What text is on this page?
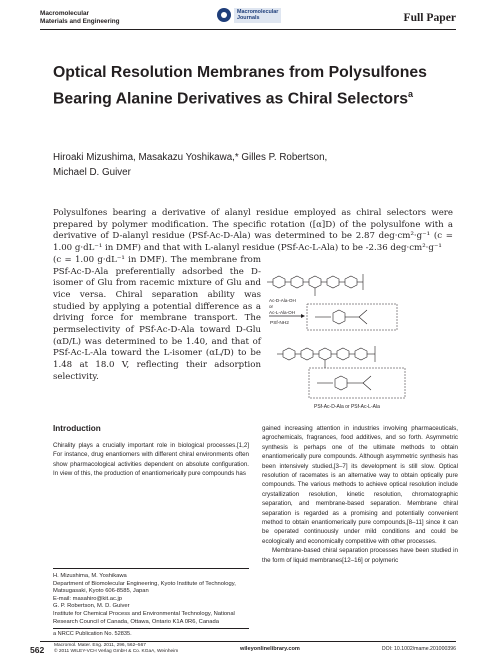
Macromolecular
Materials and Engineering
Macromolecular
Journals	Full Paper
Optical Resolution Membranes from Polysulfones Bearing Alanine Derivatives as Chiral Selectors$^a$
Hiroaki Mizushima, Masakazu Yoshikawa,* Gilles P. Robertson,
Michael D. Guiver

Polysulfones bearing a derivative of alanyl residue employed as chiral selectors were prepared by polymer modification. The specific rotation ([α]D) of the polysulfone with a derivative of D-alanyl residue (PSf-Ac-D-Ala) was determined to be 2.87 deg·cm²·g⁻¹ (c = 1.00 g·dL⁻¹ in DMF) and that with L-alanyl residue (PSf-Ac-L-Ala) to be -2.36 deg·cm²·g⁻¹

(c = 1.00 g·dL⁻¹ in DMF). The membrane from PSf-Ac-D-Ala preferentially adsorbed the D-isomer of Glu from racemic mixture of Glu and vice versa. Chiral separation ability was studied by applying a potential difference as a driving force for membrane transport. The permselectivity of PSf-Ac-D-Ala toward D-Glu (αD/L) was determined to be 1.40, and that of PSf-Ac-L-Ala toward the L-isomer (αL/D) to be 1.48 at 18.0 V, reflecting their adsorption selectivity.

Ac-D-Ala-OH
or
Ac-L-Ala-OH
PSf-NH2
PSf-Ac-D-Ala or PSf-Ac-L-Ala
Introduction

Chirality plays a crucially important role in biological processes.[1,2] For instance, drug enantiomers with different chiral environments often show pharmacological activities dependent on absolute configuration. In view of this, the production of enantiomerically pure compounds has

H. Mizushima, M. Yoshikawa
Department of Biomolecular Engineering, Kyoto Institute of Technology, Matsugasaki, Kyoto 606-8585, Japan
E-mail: masahiro@kit.ac.jp
G. P. Robertson, M. D. Guiver
Institute for Chemical Process and Environmental Technology, National Research Council of Canada, Ottawa, Ontario K1A 0R6, Canada
a NRCC Publication No. 52835.

gained increasing attention in industries involving pharmaceuticals, agrochemicals, fragrances, food additives, and so forth. Asymmetric synthesis is perhaps one of the ultimate methods to obtain enantiomerically pure compounds. Although asymmetric synthesis has been intensively studied,[3–7] its development is still slow. Optical resolution of racemates is an alternative way to obtain optically pure compounds. The various methods to achieve optical resolution include crystallization resolution, kinetic resolution, chromatographic separation, and membrane-based separation. Membrane chiral separation is regarded as a promising and potentially convenient method to obtain enantiomerically pure compounds,[8–11] since it can be operated continuously under mild conditions and could be ecologically and economically competitive with other processes.

Membrane-based chiral separation processes have been studied in the form of liquid membranes[12–16] or polymeric

562 Macromol. Mater. Eng. 2011, 296, 562–567
© 2011 WILEY-VCH Verlag GmbH & Co. KGaA, Weinheim	wileyonlinelibrary.com	DOI: 10.1002/mame.201000396
